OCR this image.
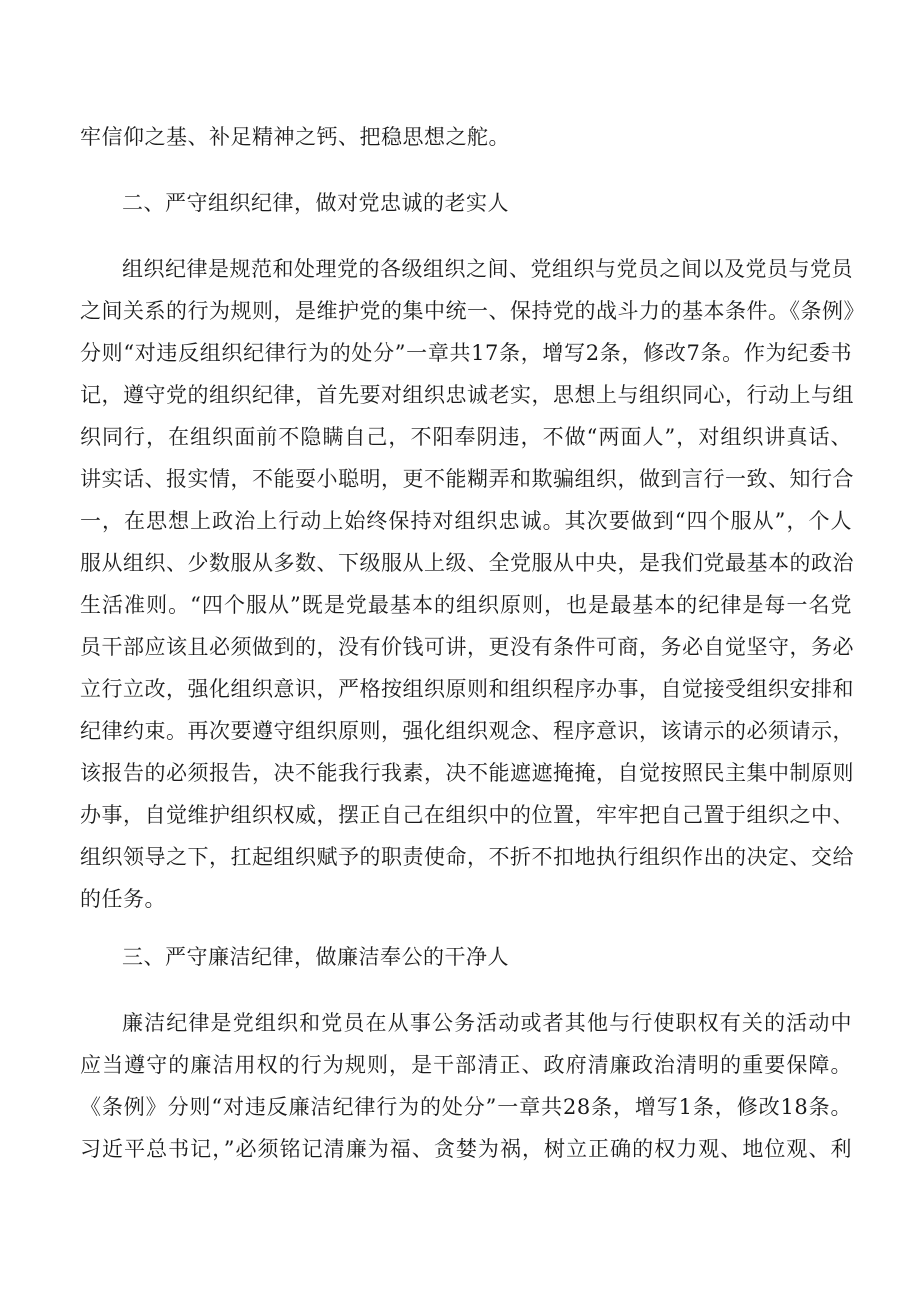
牢信仰之基、补足精神之钙、把稳思想之舵。
二、严守组织纪律，做对党忠诚的老实人
组织纪律是规范和处理党的各级组织之间、党组织与党员之间以及党员与党员
之间关系的行为规则，是维护党的集中统一、保持党的战斗力的基本条件。《条例》
分则“对违反组织纪律行为的处分”一章共17条，增写2条，修改7条。作为纪委书
记，遵守党的组织纪律，首先要对组织忠诚老实，思想上与组织同心，行动上与组
织同行，在组织面前不隐瞒自己，不阳奉阴违，不做“两面人”，对组织讲真话、
讲实话、报实情，不能耍小聪明，更不能糊弄和欺骗组织，做到言行一致、知行合
一，在思想上政治上行动上始终保持对组织忠诚。其次要做到“四个服从”，个人
服从组织、少数服从多数、下级服从上级、全党服从中央，是我们党最基本的政治
生活准则。“四个服从”既是党最基本的组织原则，也是最基本的纪律是每一名党
员干部应该且必须做到的，没有价钱可讲，更没有条件可商，务必自觉坚守，务必
立行立改，强化组织意识，严格按组织原则和组织程序办事，自觉接受组织安排和
纪律约束。再次要遵守组织原则，强化组织观念、程序意识，该请示的必须请示，
该报告的必须报告，决不能我行我素，决不能遮遮掩掩，自觉按照民主集中制原则
办事，自觉维护组织权威，摆正自己在组织中的位置，牢牢把自己置于组织之中、
组织领导之下，扛起组织赋予的职责使命，不折不扣地执行组织作出的决定、交给
的任务。
三、严守廉洁纪律，做廉洁奉公的干净人
廉洁纪律是党组织和党员在从事公务活动或者其他与行使职权有关的活动中
应当遵守的廉洁用权的行为规则，是干部清正、政府清廉政治清明的重要保障。
《条例》分则“对违反廉洁纪律行为的处分”一章共28条，增写1条，修改18条。
习近平总书记，”必须铭记清廉为福、贪婪为祸，树立正确的权力观、地位观、利
